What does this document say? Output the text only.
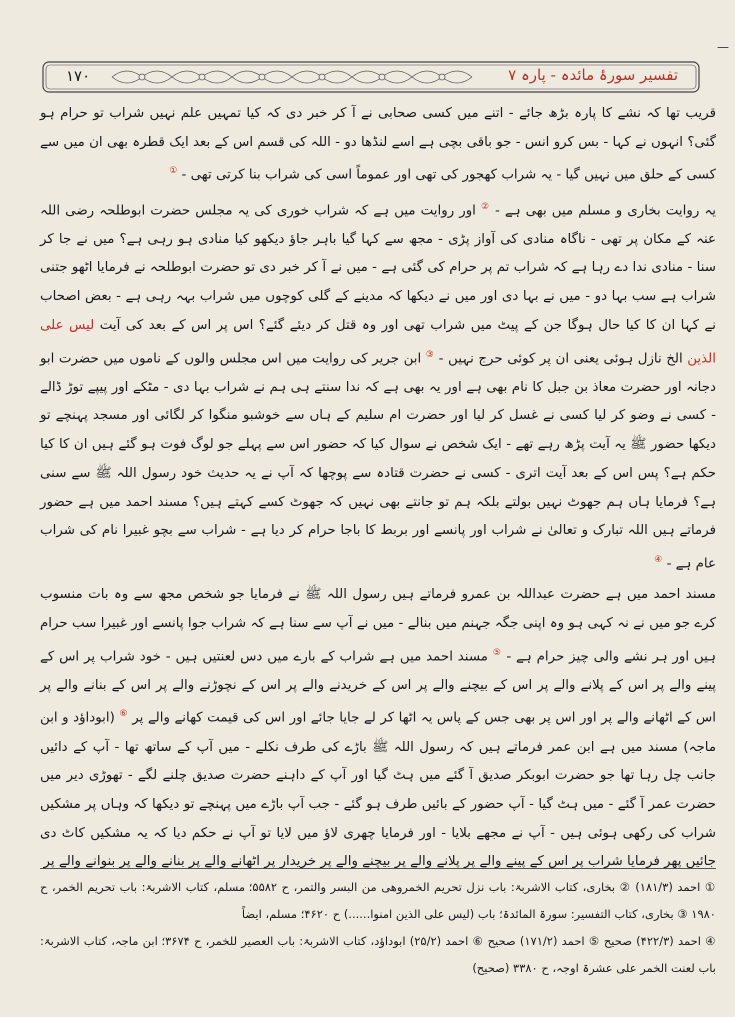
—
١٧٠	تفسیر سورۂ مائدہ - پارہ ۷

قریب تھا کہ نشے کا پارہ بڑھ جائے - اتنے میں کسی صحابی نے آ کر خبر دی کہ کیا تمہیں علم نہیں شراب تو حرام ہو گئی؟ انہوں نے کہا - بس کرو انس - جو باقی بچی ہے اسے لنڈھا دو - اللہ کی قسم اس کے بعد ایک قطرہ بھی ان میں سے کسی کے حلق میں نہیں گیا - یہ شراب کھجور کی تھی اور عموماً اسی کی شراب بنا کرتی تھی - ①

یہ روایت بخاری و مسلم میں بھی ہے - ② اور روایت میں ہے کہ شراب خوری کی یہ مجلس حضرت ابوطلحہ رضی اللہ عنہ کے مکان پر تھی - ناگاہ منادی کی آواز پڑی - مجھ سے کہا گیا باہر جاؤ دیکھو کیا منادی ہو رہی ہے؟ میں نے جا کر سنا - منادی ندا دے رہا ہے کہ شراب تم پر حرام کی گئی ہے - میں نے آ کر خبر دی تو حضرت ابوطلحہ نے فرمایا اٹھو جتنی شراب ہے سب بہا دو - میں نے بہا دی اور میں نے دیکھا کہ مدینے کے گلی کوچوں میں شراب بہہ رہی ہے - بعض اصحاب نے کہا ان کا کیا حال ہوگا جن کے پیٹ میں شراب تھی اور وہ قتل کر دیئے گئے؟ اس پر اس کے بعد کی آیت لیس علی الذین الخ نازل ہوئی یعنی ان پر کوئی حرج نہیں - ③ ابن جریر کی روایت میں اس مجلس والوں کے ناموں میں حضرت ابو دجانہ اور حضرت معاذ بن جبل کا نام بھی ہے اور یہ بھی ہے کہ ندا سنتے ہی ہم نے شراب بہا دی - مٹکے اور پیپے توڑ ڈالے - کسی نے وضو کر لیا کسی نے غسل کر لیا اور حضرت ام سلیم کے ہاں سے خوشبو منگوا کر لگائی اور مسجد پہنچے تو دیکھا حضور ﷺ یہ آیت پڑھ رہے تھے - ایک شخص نے سوال کیا کہ حضور اس سے پہلے جو لوگ فوت ہو گئے ہیں ان کا کیا حکم ہے؟ پس اس کے بعد آیت اتری - کسی نے حضرت قتادہ سے پوچھا کہ آپ نے یہ حدیث خود رسول اللہ ﷺ سے سنی ہے؟ فرمایا ہاں ہم جھوٹ نہیں بولتے بلکہ ہم تو جانتے بھی نہیں کہ جھوٹ کسے کہتے ہیں؟ مسند احمد میں ہے حضور فرماتے ہیں اللہ تبارک و تعالیٰ نے شراب اور پانسے اور بربط کا باجا حرام کر دیا ہے - شراب سے بچو غبیرا نام کی شراب عام ہے - ④

مسند احمد میں ہے حضرت عبداللہ بن عمرو فرماتے ہیں رسول اللہ ﷺ نے فرمایا جو شخص مجھ سے وہ بات منسوب کرے جو میں نے نہ کہی ہو وہ اپنی جگہ جہنم میں بنالے - میں نے آپ سے سنا ہے کہ شراب جوا پانسے اور غبیرا سب حرام ہیں اور ہر نشے والی چیز حرام ہے - ⑤ مسند احمد میں ہے شراب کے بارے میں دس لعنتیں ہیں - خود شراب پر اس کے پینے والے پر اس کے پلانے والے پر اس کے بیچنے والے پر اس کے خریدنے والے پر اس کے نچوڑنے والے پر اس کے بنانے والے پر اس کے اٹھانے والے پر اور اس پر بھی جس کے پاس یہ اٹھا کر لے جایا جائے اور اس کی قیمت کھانے والے پر ⑥ (ابوداؤد و ابن ماجہ) مسند میں ہے ابن عمر فرماتے ہیں کہ رسول اللہ ﷺ باڑے کی طرف نکلے - میں آپ کے ساتھ تھا - آپ کے دائیں جانب چل رہا تھا جو حضرت ابوبکر صدیق آ گئے میں ہٹ گیا اور آپ کے داہنے حضرت صدیق چلنے لگے - تھوڑی دیر میں حضرت عمر آ گئے - میں ہٹ گیا - آپ حضور کے بائیں طرف ہو گئے - جب آپ باڑے میں پہنچے تو دیکھا کہ وہاں پر مشکیں شراب کی رکھی ہوئی ہیں - آپ نے مجھے بلایا - اور فرمایا چھری لاؤ میں لایا تو آپ نے حکم دیا کہ یہ مشکیں کاٹ دی جائیں پھر فرمایا شراب پر اس کے پینے والے پر پلانے والے پر بیچنے والے پر خریدار پر اٹھانے والے پر بنانے والے پر بنوانے والے پر

① احمد (۱۸۱/۳) ② بخاری، کتاب الاشربۃ: باب نزل تحریم الخمروھی من البسر والتمر، ح ۵۵۸۲؛ مسلم، کتاب الاشربۃ: باب تحریم الخمر، ح ۱۹۸۰ ③ بخاری، کتاب التفسیر: سورۃ المائدۃ؛ باب (لیس علی الذین امنوا......) ح ۴۶۲۰؛ مسلم، ایضاً
④ احمد (۴۲۲/۳) صحیح ⑤ احمد (۱۷۱/۲) صحیح ⑥ احمد (۲۵/۲) ابوداؤد، کتاب الاشربۃ: باب العصیر للخمر، ح ۳۶۷۴؛ ابن ماجہ، کتاب الاشربۃ: باب لعنت الخمر علی عشرۃ اوجہ، ح ۳۳۸۰ (صحیح)
